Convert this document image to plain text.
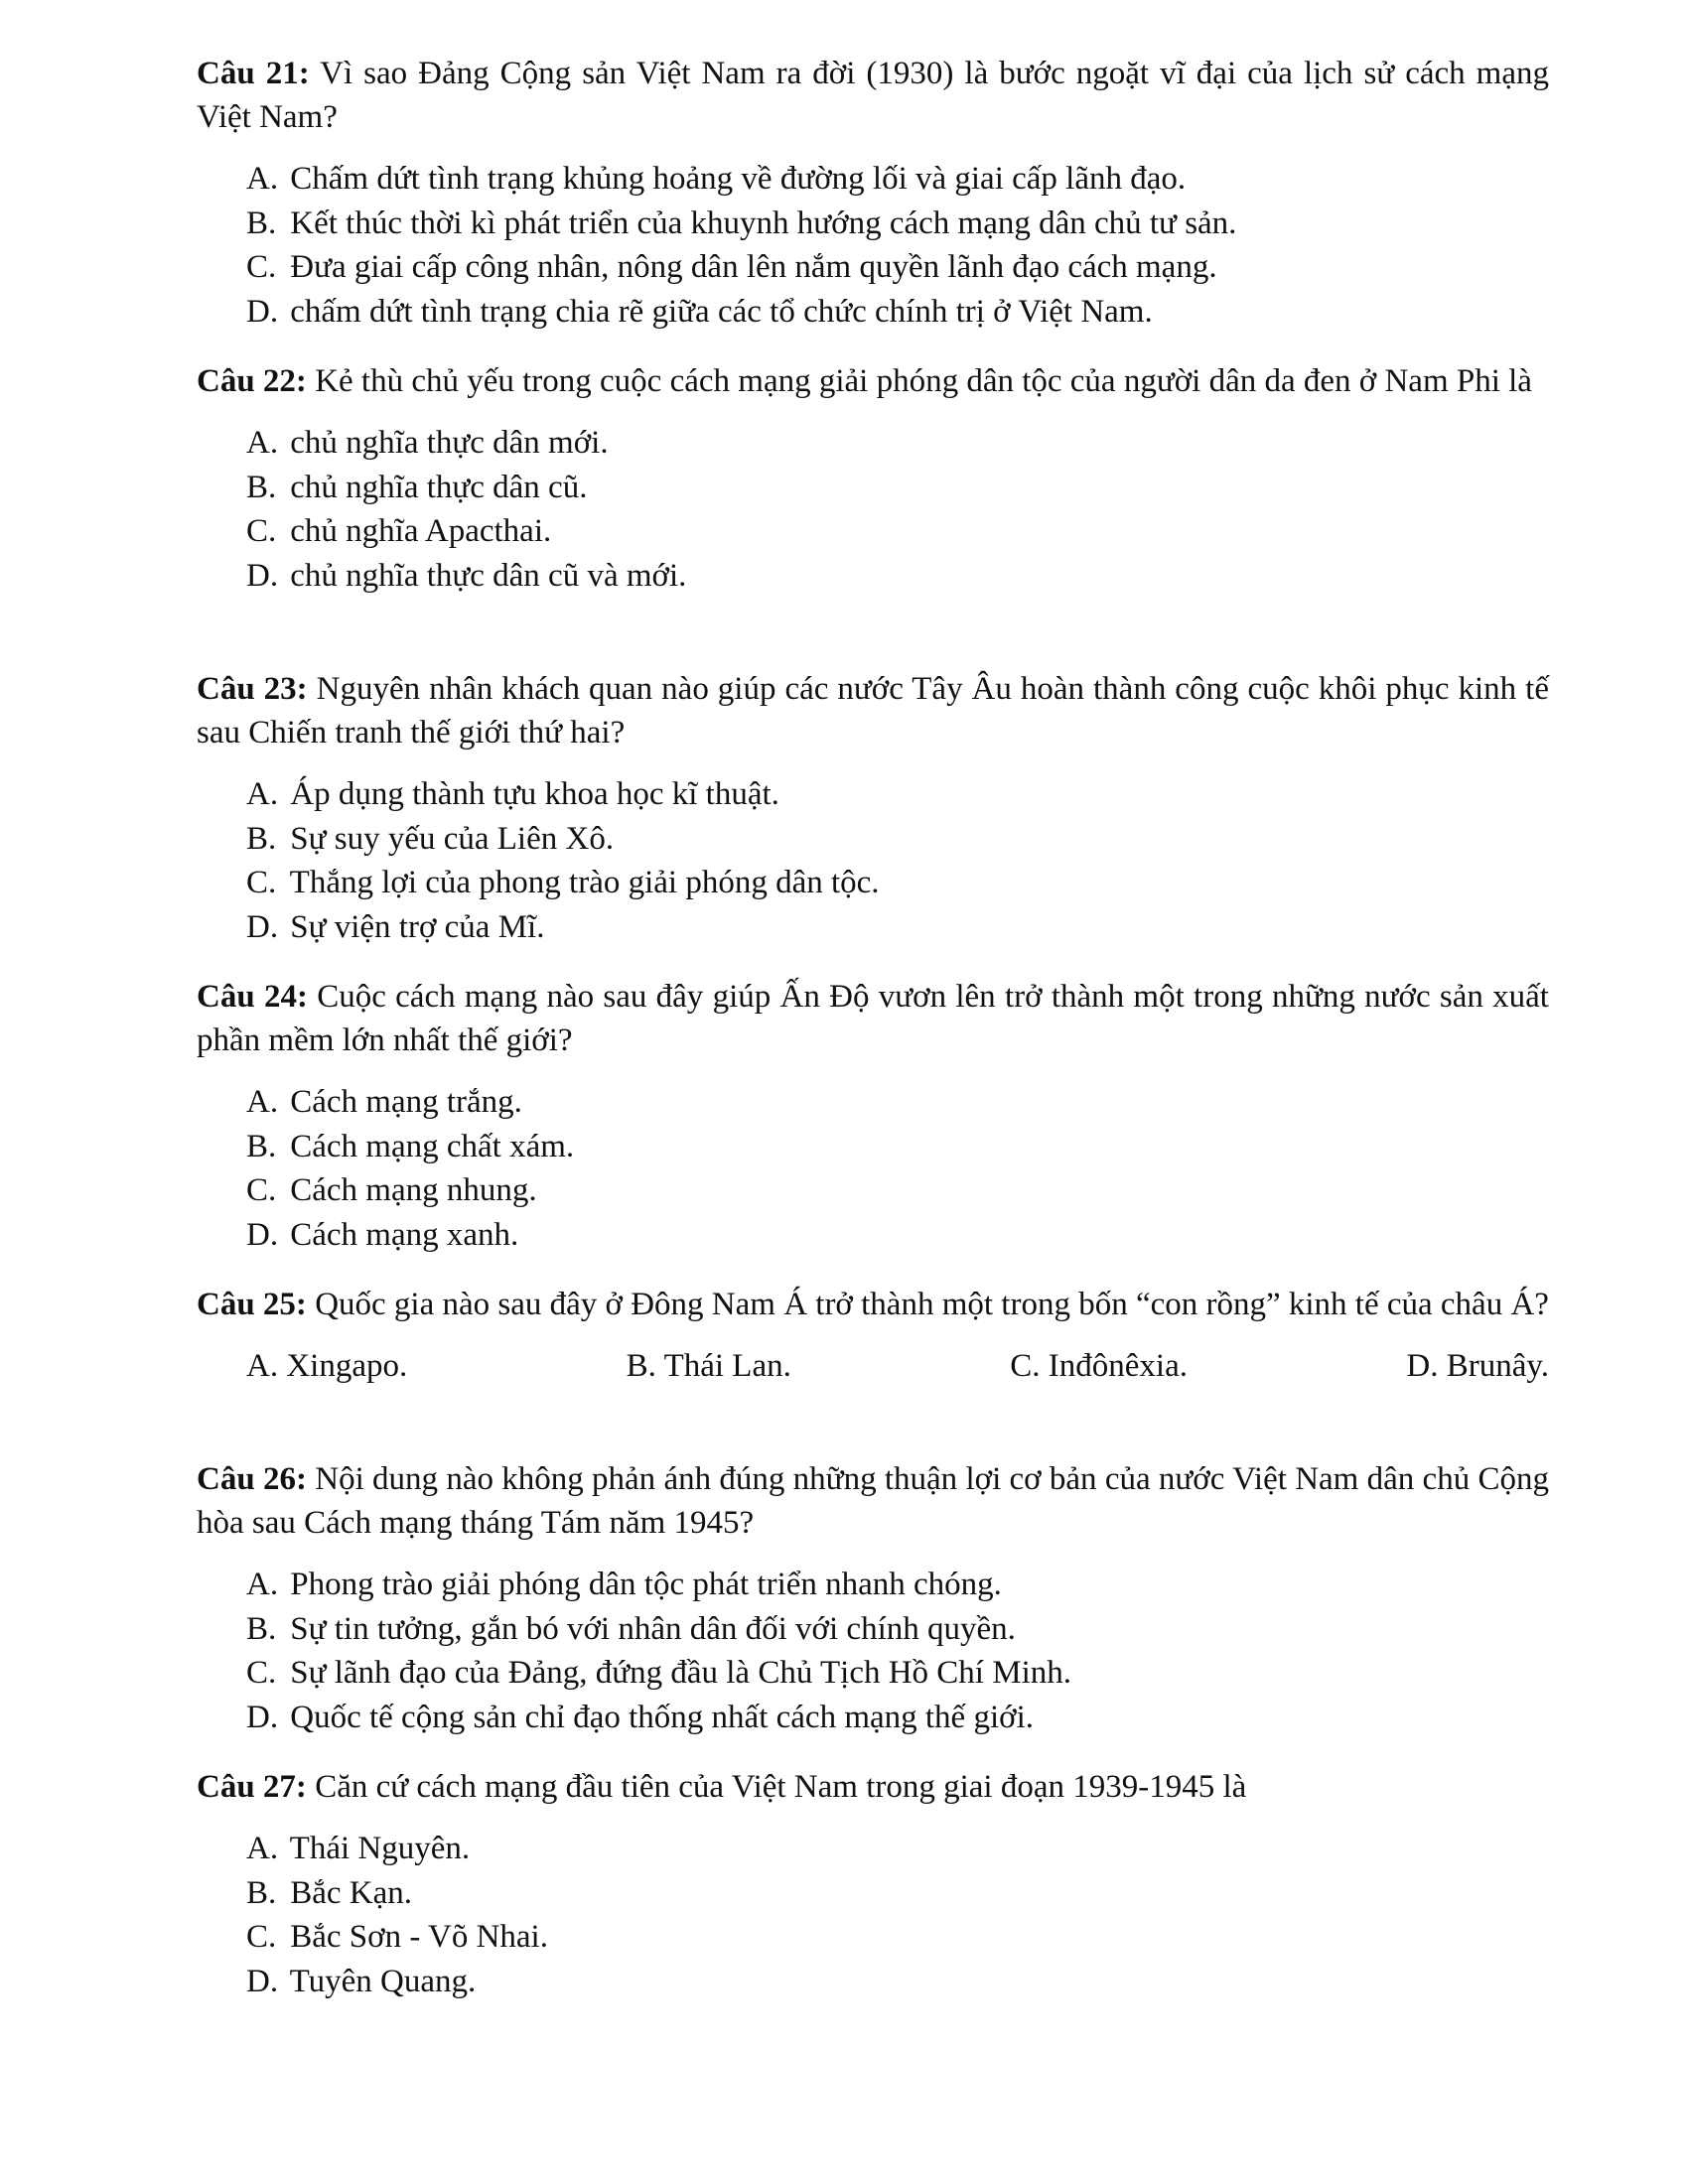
Câu 21: Vì sao Đảng Cộng sản Việt Nam ra đời (1930) là bước ngoặt vĩ đại của lịch sử cách mạng Việt Nam?

A. Chấm dứt tình trạng khủng hoảng về đường lối và giai cấp lãnh đạo.
B. Kết thúc thời kì phát triển của khuynh hướng cách mạng dân chủ tư sản.
C. Đưa giai cấp công nhân, nông dân lên nắm quyền lãnh đạo cách mạng.
D. chấm dứt tình trạng chia rẽ giữa các tổ chức chính trị ở Việt Nam.

Câu 22: Kẻ thù chủ yếu trong cuộc cách mạng giải phóng dân tộc của người dân da đen ở Nam Phi là

A. chủ nghĩa thực dân mới.
B. chủ nghĩa thực dân cũ.
C. chủ nghĩa Apacthai.
D. chủ nghĩa thực dân cũ và mới.

Câu 23: Nguyên nhân khách quan nào giúp các nước Tây Âu hoàn thành công cuộc khôi phục kinh tế sau Chiến tranh thế giới thứ hai?

A. Áp dụng thành tựu khoa học kĩ thuật.
B. Sự suy yếu của Liên Xô.
C. Thắng lợi của phong trào giải phóng dân tộc.
D. Sự viện trợ của Mĩ.

Câu 24: Cuộc cách mạng nào sau đây giúp Ấn Độ vươn lên trở thành một trong những nước sản xuất phần mềm lớn nhất thế giới?

A. Cách mạng trắng.
B. Cách mạng chất xám.
C. Cách mạng nhung.
D. Cách mạng xanh.

Câu 25: Quốc gia nào sau đây ở Đông Nam Á trở thành một trong bốn “con rồng” kinh tế của châu Á?

A. Xingapo.	B. Thái Lan.	C. Inđônêxia.	D. Brunây.

Câu 26: Nội dung nào không phản ánh đúng những thuận lợi cơ bản của nước Việt Nam dân chủ Cộng hòa sau Cách mạng tháng Tám năm 1945?

A. Phong trào giải phóng dân tộc phát triển nhanh chóng.
B. Sự tin tưởng, gắn bó với nhân dân đối với chính quyền.
C. Sự lãnh đạo của Đảng, đứng đầu là Chủ Tịch Hồ Chí Minh.
D. Quốc tế cộng sản chỉ đạo thống nhất cách mạng thế giới.

Câu 27: Căn cứ cách mạng đầu tiên của Việt Nam trong giai đoạn 1939-1945 là

A. Thái Nguyên.
B. Bắc Kạn.
C. Bắc Sơn - Võ Nhai.
D. Tuyên Quang.
